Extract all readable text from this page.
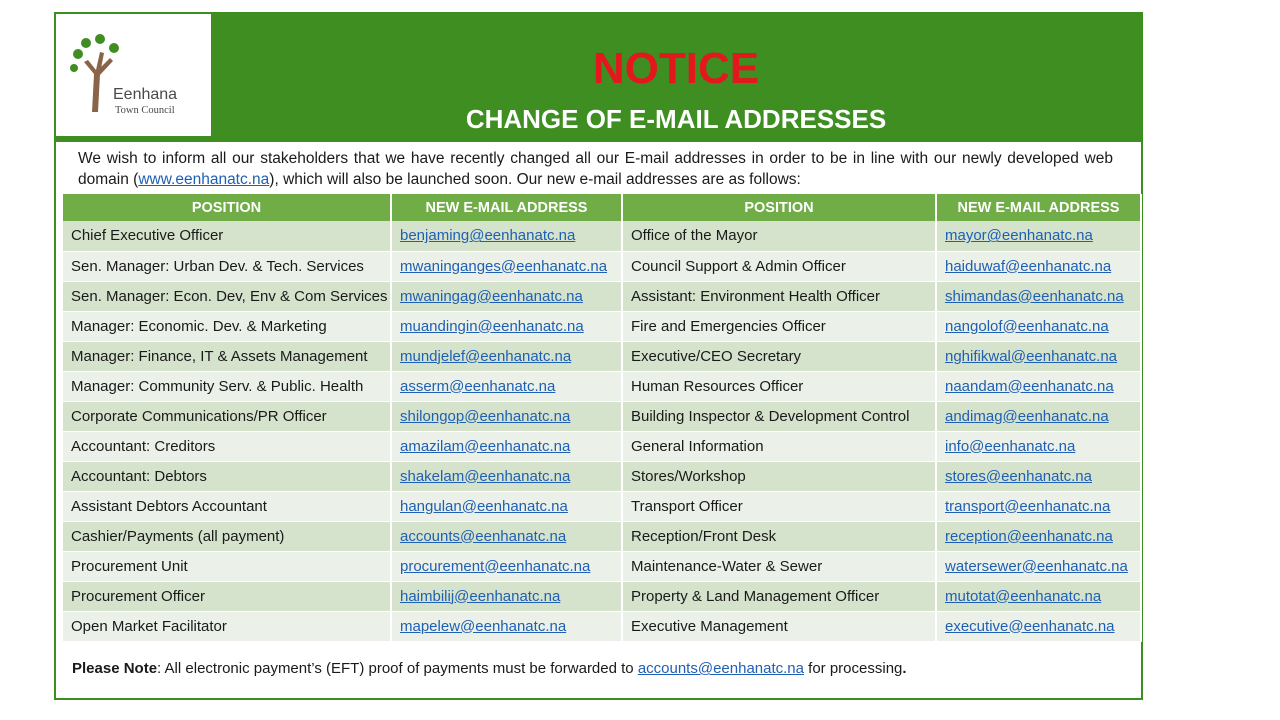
Eenhana
Town Council
NOTICE
CHANGE OF E-MAIL ADDRESSES

We wish to inform all our stakeholders that we have recently changed all our E-mail addresses in order to be in line with our newly developed web domain (www.eenhanatc.na), which will also be launched soon. Our new e-mail addresses are as follows:

POSITION	NEW E-MAIL ADDRESS	POSITION	NEW E-MAIL ADDRESS
Chief Executive Officer	benjaming@eenhanatc.na	Office of the Mayor	mayor@eenhanatc.na
Sen. Manager: Urban Dev. & Tech. Services	mwaninganges@eenhanatc.na	Council Support & Admin Officer	haiduwaf@eenhanatc.na
Sen. Manager: Econ. Dev, Env & Com Services	mwaningag@eenhanatc.na	Assistant: Environment Health Officer	shimandas@eenhanatc.na
Manager: Economic. Dev. & Marketing	muandingin@eenhanatc.na	Fire and Emergencies Officer	nangolof@eenhanatc.na
Manager: Finance, IT & Assets Management	mundjelef@eenhanatc.na	Executive/CEO Secretary	nghifikwal@eenhanatc.na
Manager: Community Serv. & Public. Health	asserm@eenhanatc.na	Human Resources Officer	naandam@eenhanatc.na
Corporate Communications/PR Officer	shilongop@eenhanatc.na	Building Inspector & Development Control	andimag@eenhanatc.na
Accountant: Creditors	amazilam@eenhanatc.na	General Information	info@eenhanatc.na
Accountant: Debtors	shakelam@eenhanatc.na	Stores/Workshop	stores@eenhanatc.na
Assistant Debtors Accountant	hangulan@eenhanatc.na	Transport Officer	transport@eenhanatc.na
Cashier/Payments (all payment)	accounts@eenhanatc.na	Reception/Front Desk	reception@eenhanatc.na
Procurement Unit	procurement@eenhanatc.na	Maintenance-Water & Sewer	watersewer@eenhanatc.na
Procurement Officer	haimbilij@eenhanatc.na	Property & Land Management Officer	mutotat@eenhanatc.na
Open Market Facilitator	mapelew@eenhanatc.na	Executive Management	executive@eenhanatc.na

Please Note: All electronic payment’s (EFT) proof of payments must be forwarded to accounts@eenhanatc.na for processing.
